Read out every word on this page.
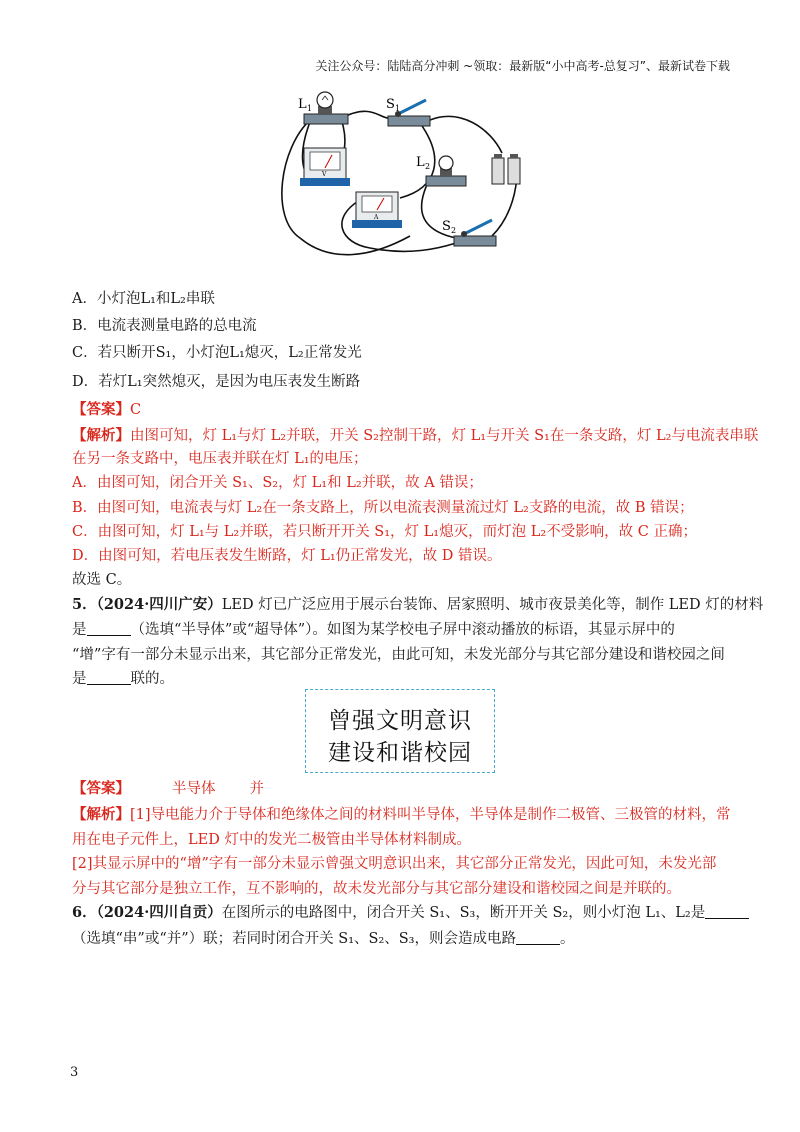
关注公众号：陆陆高分冲刺 ~领取：最新版“小中高考-总复习”、最新试卷下载
L 1	S 1
V
L 2
A
S 2
A．小灯泡L₁和L₂串联
B．电流表测量电路的总电流
C．若只断开S₁，小灯泡L₁熄灭，L₂正常发光
D．若灯L₁突然熄灭，是因为电压表发生断路
【答案】C
【解析】由图可知，灯 L₁与灯 L₂并联，开关 S₂控制干路，灯 L₁与开关 S₁在一条支路，灯 L₂与电流表串联
在另一条支路中，电压表并联在灯 L₁的电压；
A．由图可知，闭合开关 S₁、S₂，灯 L₁和 L₂并联，故 A 错误；
B．由图可知，电流表与灯 L₂在一条支路上，所以电流表测量流过灯 L₂支路的电流，故 B 错误；
C．由图可知，灯 L₁与 L₂并联，若只断开开关 S₁，灯 L₁熄灭，而灯泡 L₂不受影响，故 C 正确；
D．由图可知，若电压表发生断路，灯 L₁仍正常发光，故 D 错误。
故选 C。
5．（2024·四川广安）LED 灯已广泛应用于展示台装饰、居家照明、城市夜景美化等，制作 LED 灯的材料
是	（选填“半导体”或“超导体”）。如图为某学校电子屏中滚动播放的标语，其显示屏中的
“增”字有一部分未显示出来，其它部分正常发光，由此可知，未发光部分与其它部分建设和谐校园之间
是	联的。
曾强文明意识
建设和谐校园
【答案】	半导体 并
【解析】[1]导电能力介于导体和绝缘体之间的材料叫半导体，半导体是制作二极管、三极管的材料，常
用在电子元件上，LED 灯中的发光二极管由半导体材料制成。
[2]其显示屏中的“增”字有一部分未显示曾强文明意识出来，其它部分正常发光，因此可知，未发光部
分与其它部分是独立工作，互不影响的，故未发光部分与其它部分建设和谐校园之间是并联的。
6．（2024·四川自贡）在图所示的电路图中，闭合开关 S₁、S₃，断开开关 S₂，则小灯泡 L₁、L₂是
（选填“串”或“并”）联；若同时闭合开关 S₁、S₂、S₃，则会造成电路	。
3
